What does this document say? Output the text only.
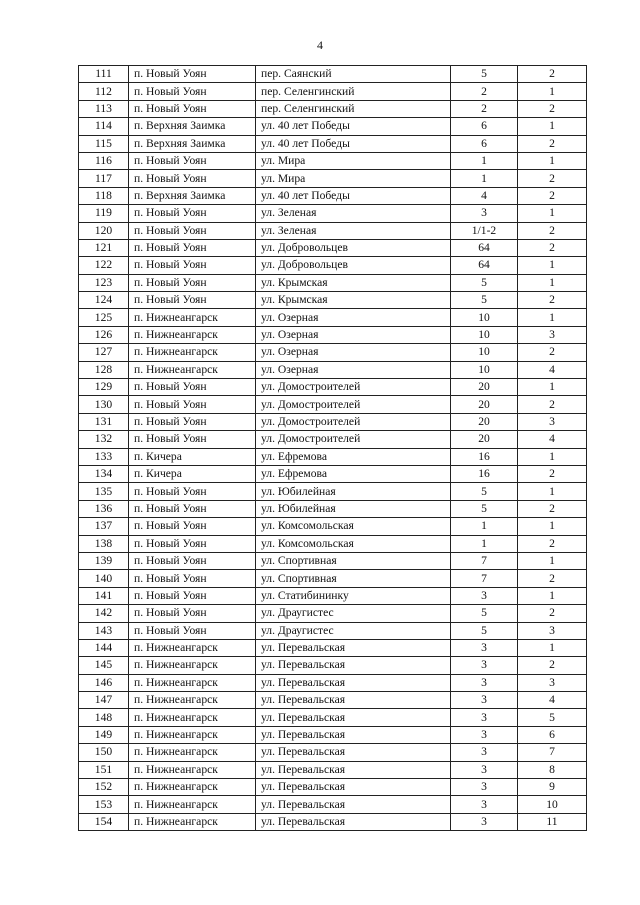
4
111	п. Новый Уоян	пер. Саянский	5	2
112	п. Новый Уоян	пер. Селенгинский	2	1
113	п. Новый Уоян	пер. Селенгинский	2	2
114	п. Верхняя Заимка	ул. 40 лет Победы	6	1
115	п. Верхняя Заимка	ул. 40 лет Победы	6	2
116	п. Новый Уоян	ул. Мира	1	1
117	п. Новый Уоян	ул. Мира	1	2
118	п. Верхняя Заимка	ул. 40 лет Победы	4	2
119	п. Новый Уоян	ул. Зеленая	3	1
120	п. Новый Уоян	ул. Зеленая	1/1-2	2
121	п. Новый Уоян	ул. Добровольцев	64	2
122	п. Новый Уоян	ул. Добровольцев	64	1
123	п. Новый Уоян	ул. Крымская	5	1
124	п. Новый Уоян	ул. Крымская	5	2
125	п. Нижнеангарск	ул. Озерная	10	1
126	п. Нижнеангарск	ул. Озерная	10	3
127	п. Нижнеангарск	ул. Озерная	10	2
128	п. Нижнеангарск	ул. Озерная	10	4
129	п. Новый Уоян	ул. Домостроителей	20	1
130	п. Новый Уоян	ул. Домостроителей	20	2
131	п. Новый Уоян	ул. Домостроителей	20	3
132	п. Новый Уоян	ул. Домостроителей	20	4
133	п. Кичера	ул. Ефремова	16	1
134	п. Кичера	ул. Ефремова	16	2
135	п. Новый Уоян	ул. Юбилейная	5	1
136	п. Новый Уоян	ул. Юбилейная	5	2
137	п. Новый Уоян	ул. Комсомольская	1	1
138	п. Новый Уоян	ул. Комсомольская	1	2
139	п. Новый Уоян	ул. Спортивная	7	1
140	п. Новый Уоян	ул. Спортивная	7	2
141	п. Новый Уоян	ул. Статибининку	3	1
142	п. Новый Уоян	ул. Драугистес	5	2
143	п. Новый Уоян	ул. Драугистес	5	3
144	п. Нижнеангарск	ул. Перевальская	3	1
145	п. Нижнеангарск	ул. Перевальская	3	2
146	п. Нижнеангарск	ул. Перевальская	3	3
147	п. Нижнеангарск	ул. Перевальская	3	4
148	п. Нижнеангарск	ул. Перевальская	3	5
149	п. Нижнеангарск	ул. Перевальская	3	6
150	п. Нижнеангарск	ул. Перевальская	3	7
151	п. Нижнеангарск	ул. Перевальская	3	8
152	п. Нижнеангарск	ул. Перевальская	3	9
153	п. Нижнеангарск	ул. Перевальская	3	10
154	п. Нижнеангарск	ул. Перевальская	3	11
